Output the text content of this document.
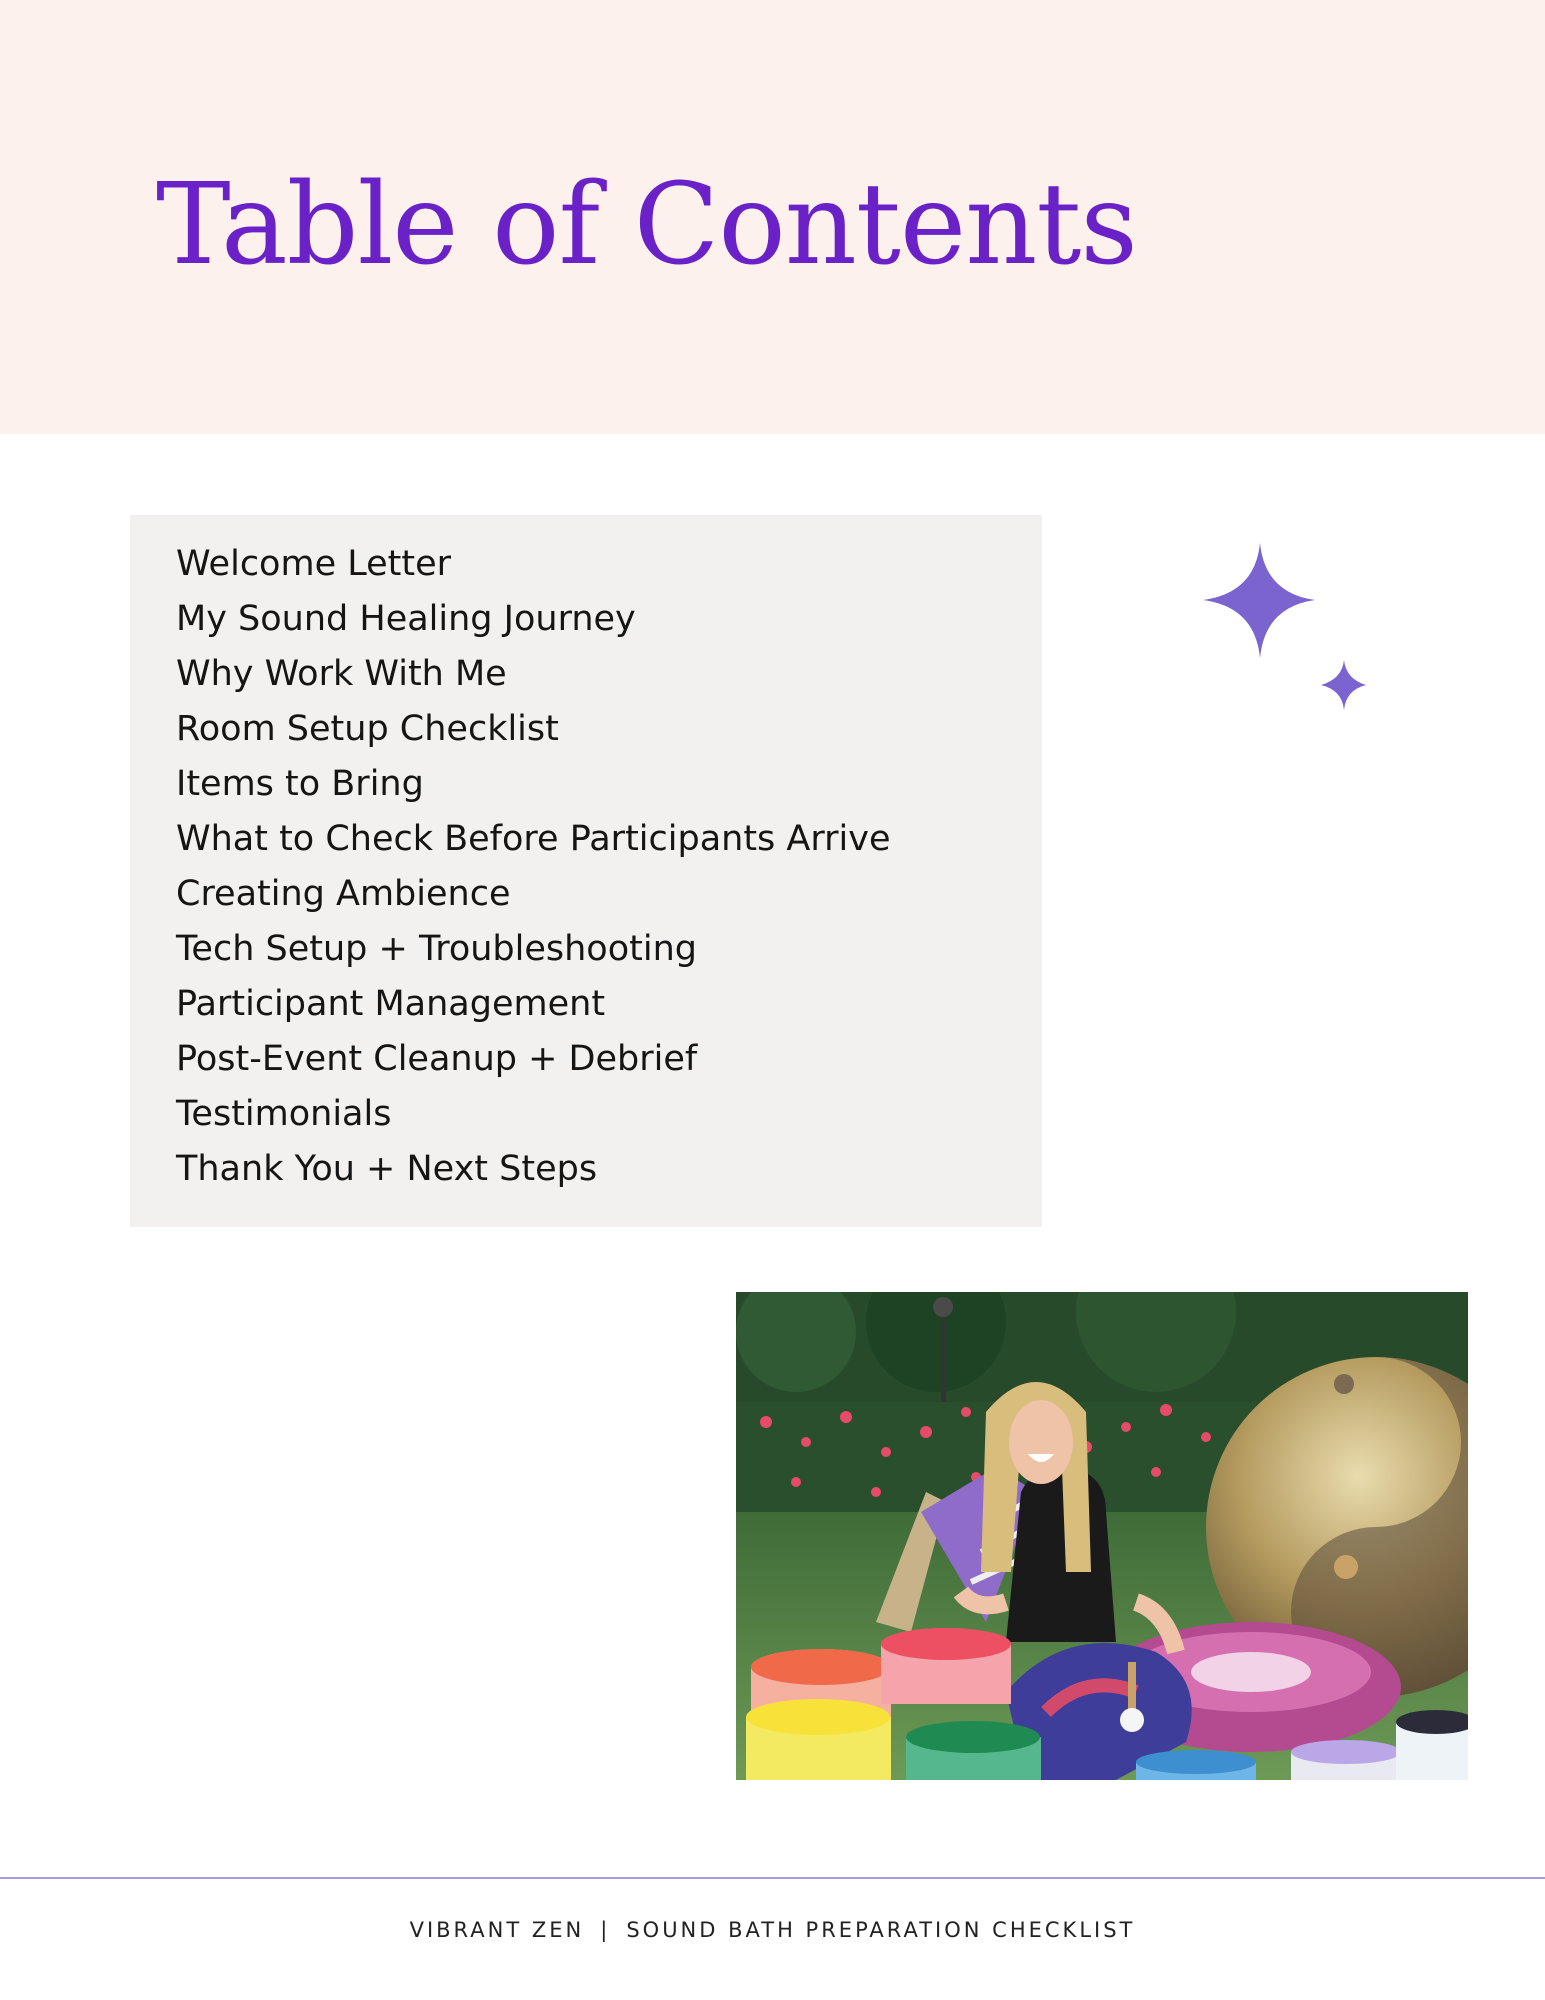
Table of Contents
Welcome Letter
My Sound Healing Journey
Why Work With Me
Room Setup Checklist
Items to Bring
What to Check Before Participants Arrive
Creating Ambience
Tech Setup + Troubleshooting
Participant Management
Post-Event Cleanup + Debrief
Testimonials
Thank You + Next Steps
VIBRANT ZEN | SOUND BATH PREPARATION CHECKLIST
